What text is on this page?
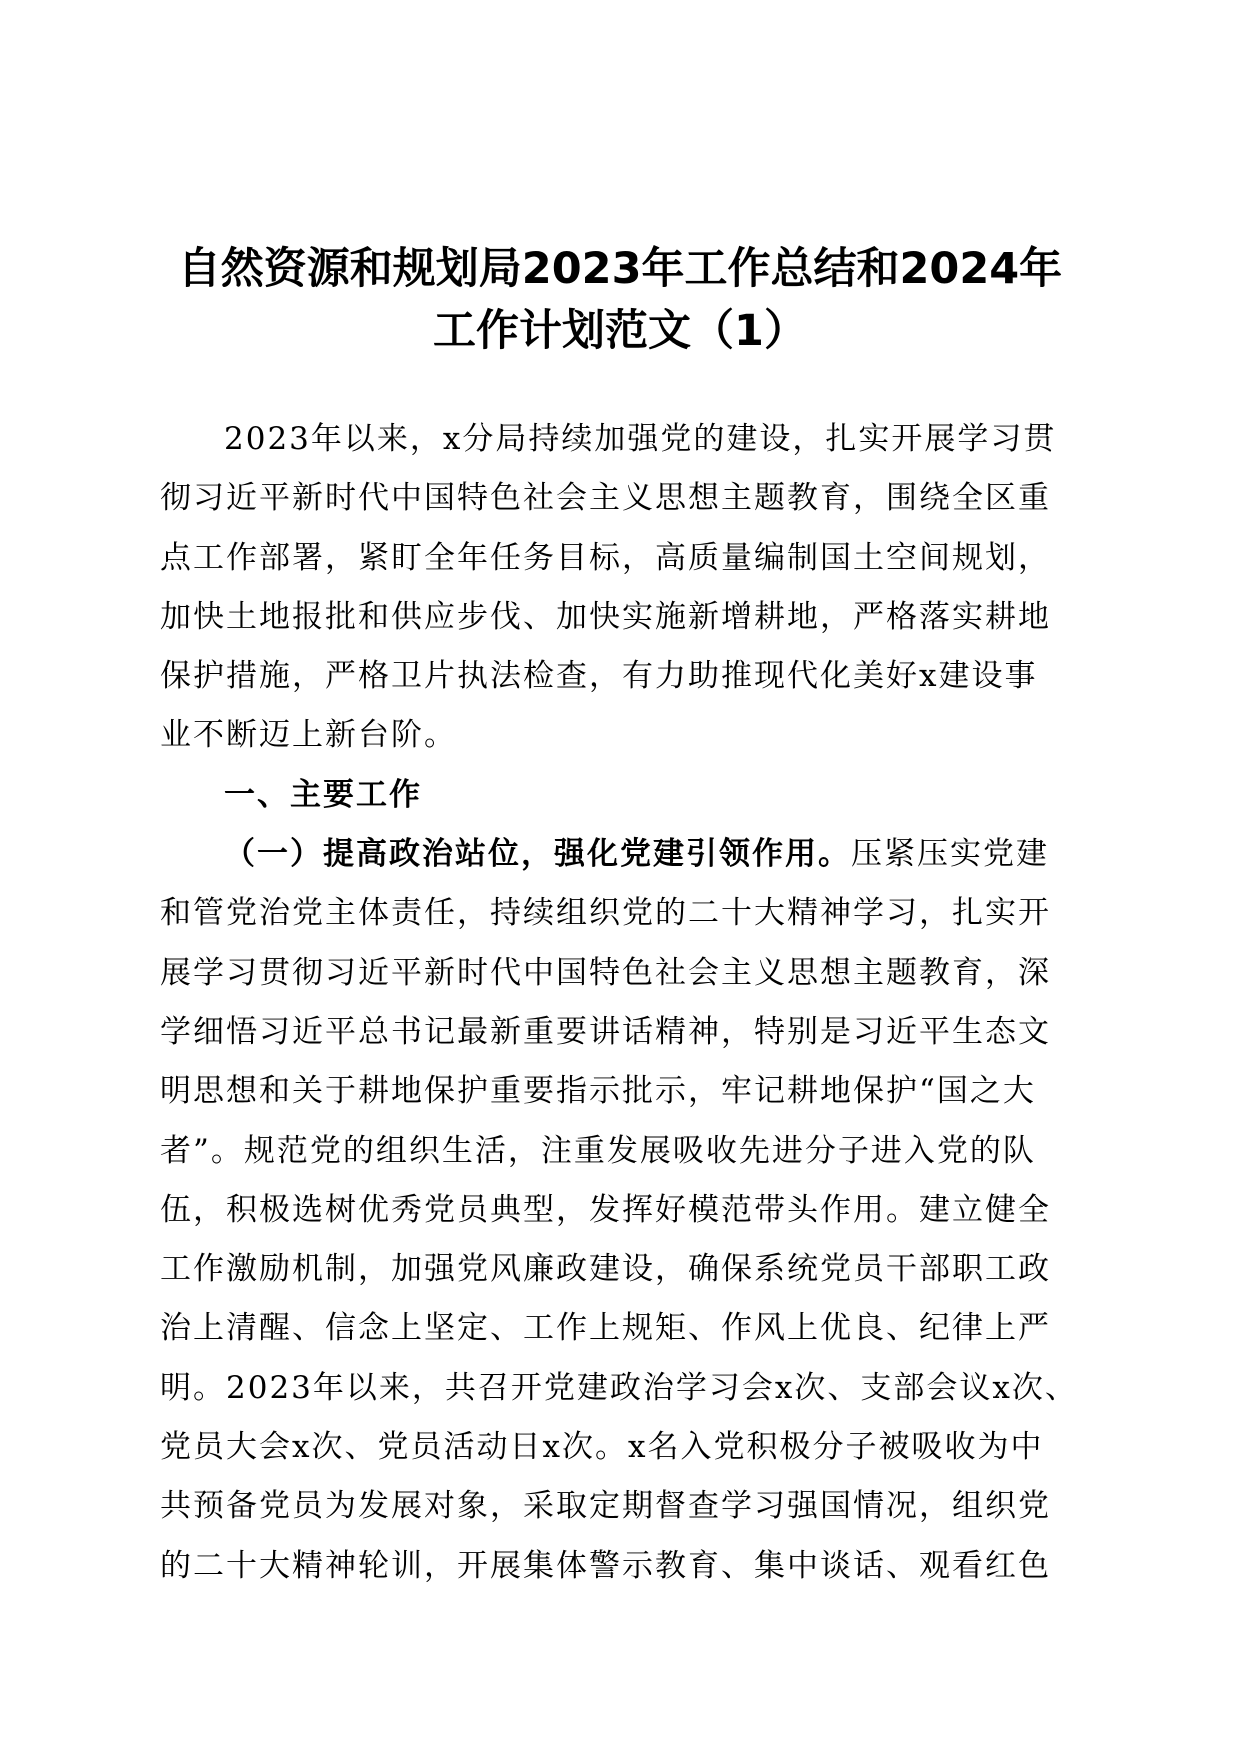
自然资源和规划局2023年工作总结和2024年
工作计划范文（1）
2023年以来，x分局持续加强党的建设，扎实开展学习贯
彻习近平新时代中国特色社会主义思想主题教育，围绕全区重
点工作部署，紧盯全年任务目标，高质量编制国土空间规划，
加快土地报批和供应步伐、加快实施新增耕地，严格落实耕地
保护措施，严格卫片执法检查，有力助推现代化美好x建设事
业不断迈上新台阶。
一、主要工作
（一）提高政治站位，强化党建引领作用。压紧压实党建
和管党治党主体责任，持续组织党的二十大精神学习，扎实开
展学习贯彻习近平新时代中国特色社会主义思想主题教育，深
学细悟习近平总书记最新重要讲话精神，特别是习近平生态文
明思想和关于耕地保护重要指示批示，牢记耕地保护“国之大
者”。规范党的组织生活，注重发展吸收先进分子进入党的队
伍，积极选树优秀党员典型，发挥好模范带头作用。建立健全
工作激励机制，加强党风廉政建设，确保系统党员干部职工政
治上清醒、信念上坚定、工作上规矩、作风上优良、纪律上严
明。2023年以来，共召开党建政治学习会x次、支部会议x次、
党员大会x次、党员活动日x次。x名入党积极分子被吸收为中
共预备党员为发展对象，采取定期督查学习强国情况，组织党
的二十大精神轮训，开展集体警示教育、集中谈话、观看红色
